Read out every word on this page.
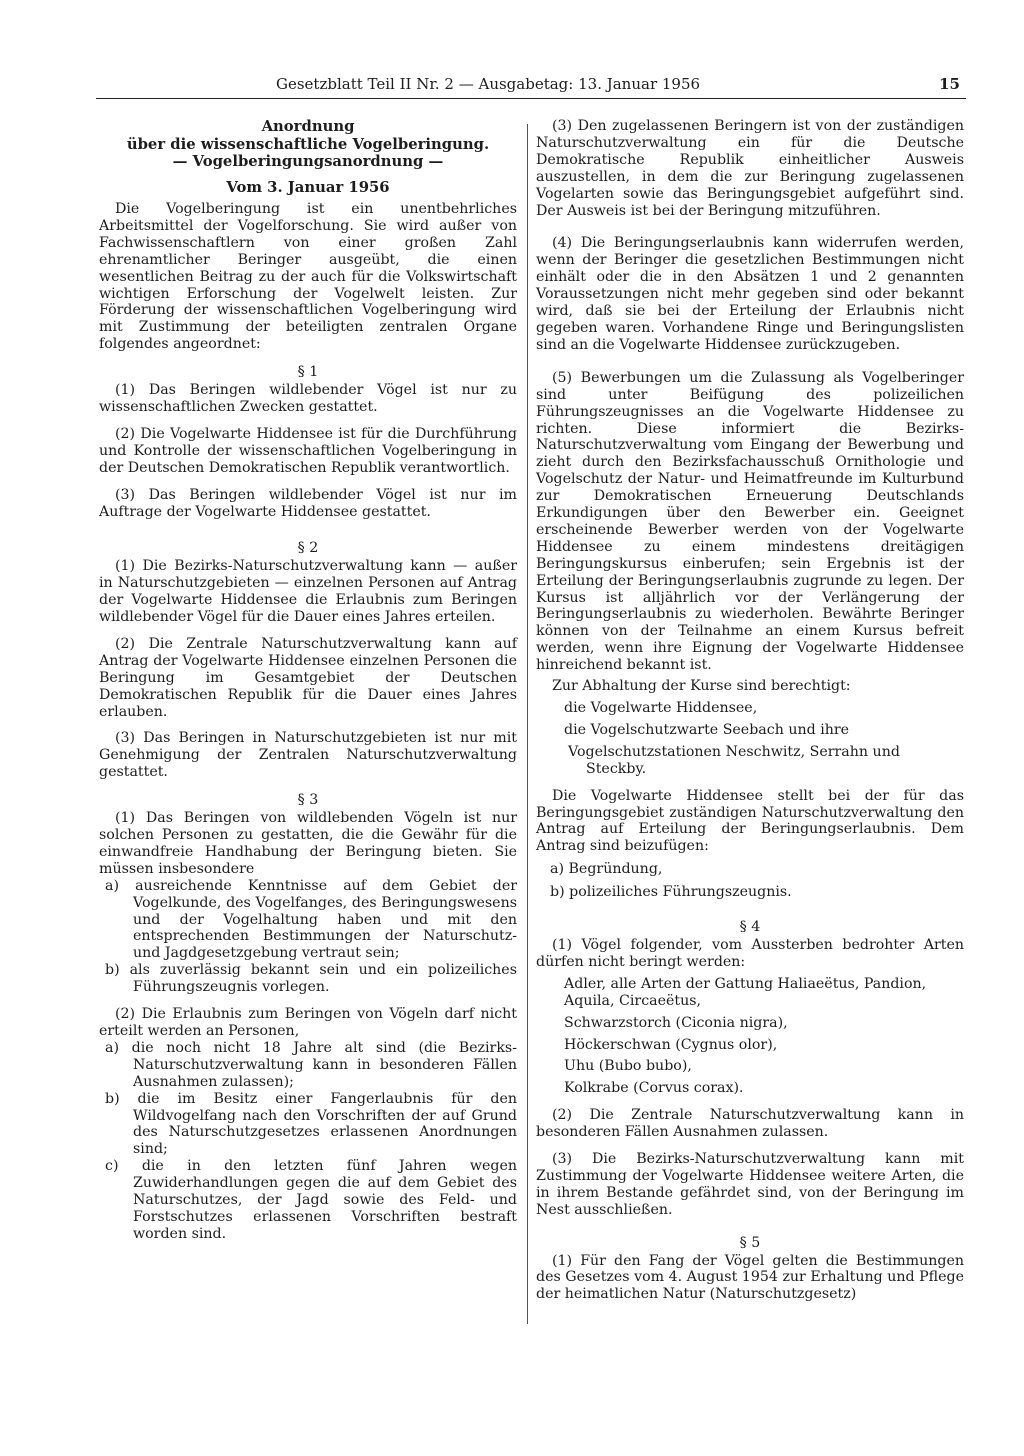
Gesetzblatt Teil II Nr. 2 — Ausgabetag: 13. Januar 1956	15

Anordnung

über die wissenschaftliche Vogelberingung.

— Vogelberingungsanordnung —

Vom 3. Januar 1956

Die Vogelberingung ist ein unentbehrliches Arbeitsmittel der Vogelforschung. Sie wird außer von Fachwissenschaftlern von einer großen Zahl ehrenamtlicher Beringer ausgeübt, die einen wesentlichen Beitrag zu der auch für die Volkswirtschaft wichtigen Erforschung der Vogelwelt leisten. Zur Förderung der wissenschaftlichen Vogelberingung wird mit Zustimmung der beteiligten zentralen Organe folgendes angeordnet:

§ 1

(1) Das Beringen wildlebender Vögel ist nur zu wissenschaftlichen Zwecken gestattet.

(2) Die Vogelwarte Hiddensee ist für die Durchführung und Kontrolle der wissenschaftlichen Vogelberingung in der Deutschen Demokratischen Republik verantwortlich.

(3) Das Beringen wildlebender Vögel ist nur im Auftrage der Vogelwarte Hiddensee gestattet.

§ 2

(1) Die Bezirks-Naturschutzverwaltung kann — außer in Naturschutzgebieten — einzelnen Personen auf Antrag der Vogelwarte Hiddensee die Erlaubnis zum Beringen wildlebender Vögel für die Dauer eines Jahres erteilen.

(2) Die Zentrale Naturschutzverwaltung kann auf Antrag der Vogelwarte Hiddensee einzelnen Personen die Beringung im Gesamtgebiet der Deutschen Demokratischen Republik für die Dauer eines Jahres erlauben.

(3) Das Beringen in Naturschutzgebieten ist nur mit Genehmigung der Zentralen Naturschutzverwaltung gestattet.

§ 3

(1) Das Beringen von wildlebenden Vögeln ist nur solchen Personen zu gestatten, die die Gewähr für die einwandfreie Handhabung der Beringung bieten. Sie müssen insbesondere

a) ausreichende Kenntnisse auf dem Gebiet der Vogelkunde, des Vogelfanges, des Beringungswesens und der Vogelhaltung haben und mit den entsprechenden Bestimmungen der Naturschutz- und Jagdgesetzgebung vertraut sein;

b) als zuverlässig bekannt sein und ein polizeiliches Führungszeugnis vorlegen.

(2) Die Erlaubnis zum Beringen von Vögeln darf nicht erteilt werden an Personen,

a) die noch nicht 18 Jahre alt sind (die Bezirks-Naturschutzverwaltung kann in besonderen Fällen Ausnahmen zulassen);

b) die im Besitz einer Fangerlaubnis für den Wildvogelfang nach den Vorschriften der auf Grund des Naturschutzgesetzes erlassenen Anordnungen sind;

c) die in den letzten fünf Jahren wegen Zuwiderhandlungen gegen die auf dem Gebiet des Naturschutzes, der Jagd sowie des Feld- und Forstschutzes erlassenen Vorschriften bestraft worden sind.

(3) Den zugelassenen Beringern ist von der zuständigen Naturschutzverwaltung ein für die Deutsche Demokratische Republik einheitlicher Ausweis auszustellen, in dem die zur Beringung zugelassenen Vogelarten sowie das Beringungsgebiet aufgeführt sind. Der Ausweis ist bei der Beringung mitzuführen.

(4) Die Beringungserlaubnis kann widerrufen werden, wenn der Beringer die gesetzlichen Bestimmungen nicht einhält oder die in den Absätzen 1 und 2 genannten Voraussetzungen nicht mehr gegeben sind oder bekannt wird, daß sie bei der Erteilung der Erlaubnis nicht gegeben waren. Vorhandene Ringe und Beringungslisten sind an die Vogelwarte Hiddensee zurückzugeben.

(5) Bewerbungen um die Zulassung als Vogelberinger sind unter Beifügung des polizeilichen Führungszeugnisses an die Vogelwarte Hiddensee zu richten. Diese informiert die Bezirks-Naturschutzverwaltung vom Eingang der Bewerbung und zieht durch den Bezirksfachausschuß Ornithologie und Vogelschutz der Natur- und Heimatfreunde im Kulturbund zur Demokratischen Erneuerung Deutschlands Erkundigungen über den Bewerber ein. Geeignet erscheinende Bewerber werden von der Vogelwarte Hiddensee zu einem mindestens dreitägigen Beringungskursus einberufen; sein Ergebnis ist der Erteilung der Beringungserlaubnis zugrunde zu legen. Der Kursus ist alljährlich vor der Verlängerung der Beringungserlaubnis zu wiederholen. Bewährte Beringer können von der Teilnahme an einem Kursus befreit werden, wenn ihre Eignung der Vogelwarte Hiddensee hinreichend bekannt ist.

Zur Abhaltung der Kurse sind berechtigt:

die Vogelwarte Hiddensee,

die Vogelschutzwarte Seebach und ihre

Vogelschutzstationen Neschwitz, Serrahn und Steckby.

Die Vogelwarte Hiddensee stellt bei der für das Beringungsgebiet zuständigen Naturschutzverwaltung den Antrag auf Erteilung der Beringungserlaubnis. Dem Antrag sind beizufügen:

a) Begründung,

b) polizeiliches Führungszeugnis.

§ 4

(1) Vögel folgender, vom Aussterben bedrohter Arten dürfen nicht beringt werden:

Adler, alle Arten der Gattung Haliaeëtus, Pandion, Aquila, Circaeëtus,

Schwarzstorch (Ciconia nigra),

Höckerschwan (Cygnus olor),

Uhu (Bubo bubo),

Kolkrabe (Corvus corax).

(2) Die Zentrale Naturschutzverwaltung kann in besonderen Fällen Ausnahmen zulassen.

(3) Die Bezirks-Naturschutzverwaltung kann mit Zustimmung der Vogelwarte Hiddensee weitere Arten, die in ihrem Bestande gefährdet sind, von der Beringung im Nest ausschließen.

§ 5

(1) Für den Fang der Vögel gelten die Bestimmungen des Gesetzes vom 4. August 1954 zur Erhaltung und Pflege der heimatlichen Natur (Naturschutzgesetz)
